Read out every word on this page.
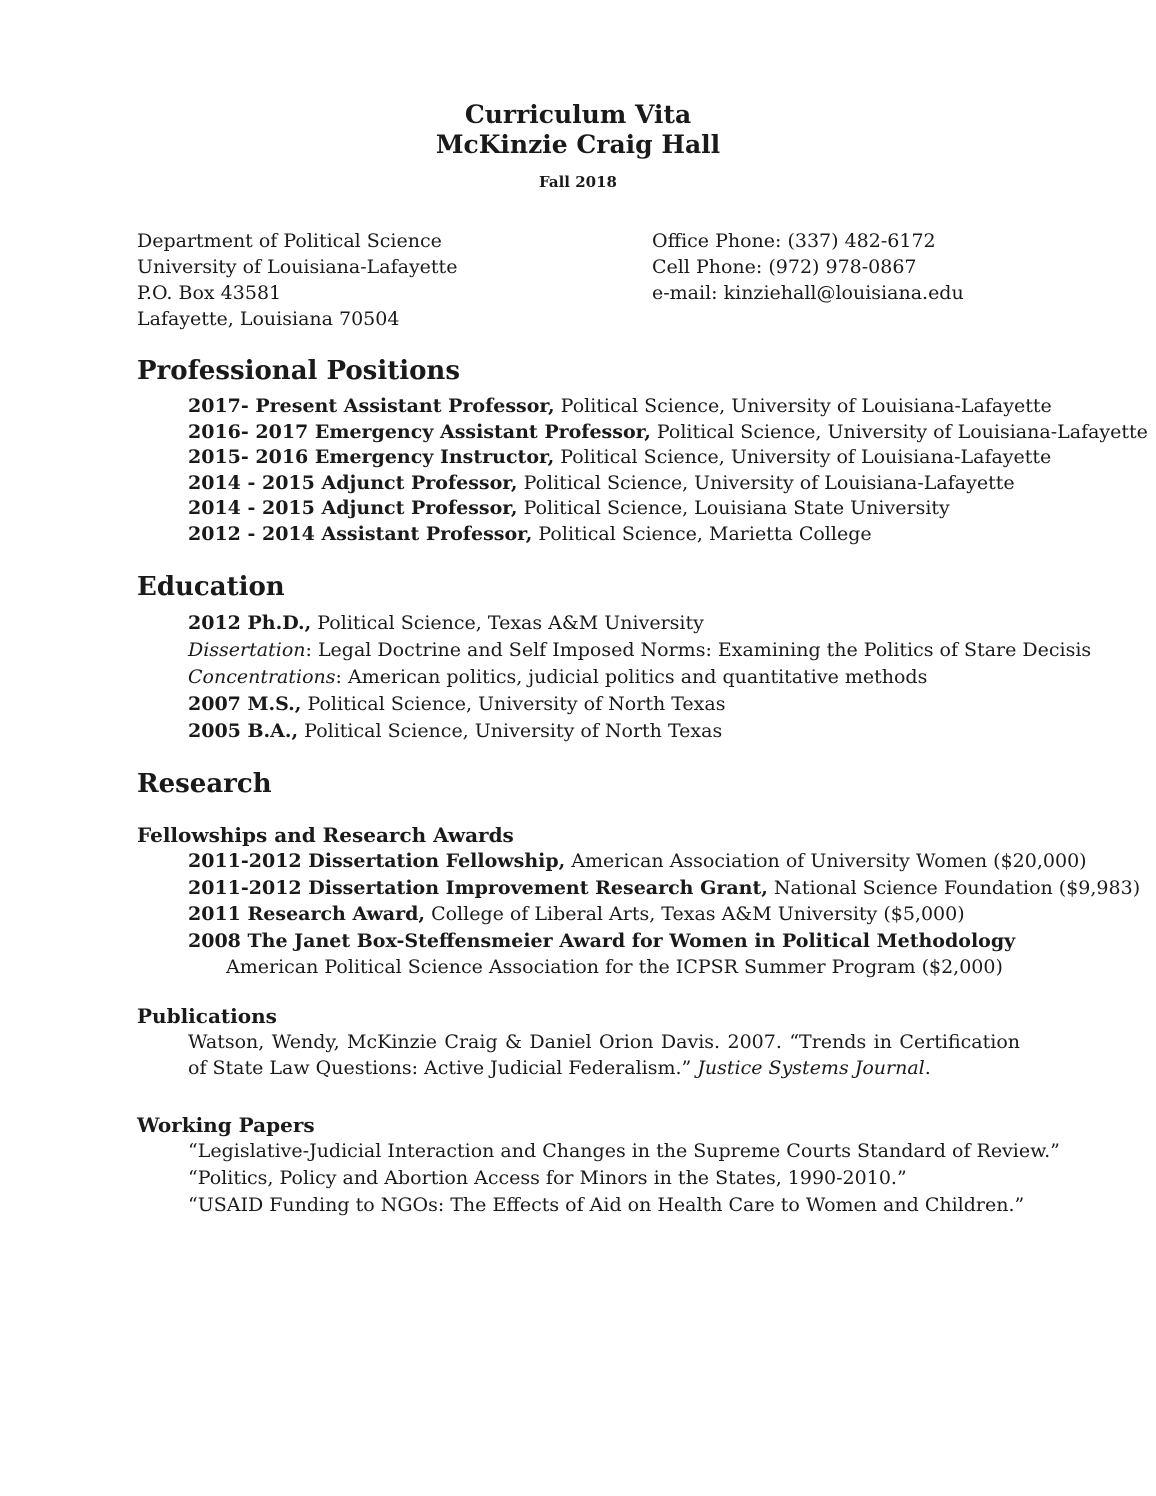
Curriculum Vita
McKinzie Craig Hall
Fall 2018
Department of Political Science
University of Louisiana-Lafayette
P.O. Box 43581
Lafayette, Louisiana 70504
Office Phone: (337) 482-6172
Cell Phone: (972) 978-0867
e-mail: kinziehall@louisiana.edu
Professional Positions
2017- Present Assistant Professor, Political Science, University of Louisiana-Lafayette
2016- 2017 Emergency Assistant Professor, Political Science, University of Louisiana-Lafayette
2015- 2016 Emergency Instructor, Political Science, University of Louisiana-Lafayette
2014 - 2015 Adjunct Professor, Political Science, University of Louisiana-Lafayette
2014 - 2015 Adjunct Professor, Political Science, Louisiana State University
2012 - 2014 Assistant Professor, Political Science, Marietta College
Education
2012 Ph.D., Political Science, Texas A&M University
Dissertation: Legal Doctrine and Self Imposed Norms: Examining the Politics of Stare Decisis
Concentrations: American politics, judicial politics and quantitative methods
2007 M.S., Political Science, University of North Texas
2005 B.A., Political Science, University of North Texas
Research
Fellowships and Research Awards
2011-2012 Dissertation Fellowship, American Association of University Women ($20,000)
2011-2012 Dissertation Improvement Research Grant, National Science Foundation ($9,983)
2011 Research Award, College of Liberal Arts, Texas A&M University ($5,000)
2008 The Janet Box-Steffensmeier Award for Women in Political Methodology
American Political Science Association for the ICPSR Summer Program ($2,000)
Publications
Watson, Wendy, McKinzie Craig & Daniel Orion Davis. 2007. “Trends in Certification of State Law Questions: Active Judicial Federalism.” Justice Systems Journal.
Working Papers
“Legislative-Judicial Interaction and Changes in the Supreme Courts Standard of Review.”
“Politics, Policy and Abortion Access for Minors in the States, 1990-2010.”
“USAID Funding to NGOs: The Effects of Aid on Health Care to Women and Children.”
